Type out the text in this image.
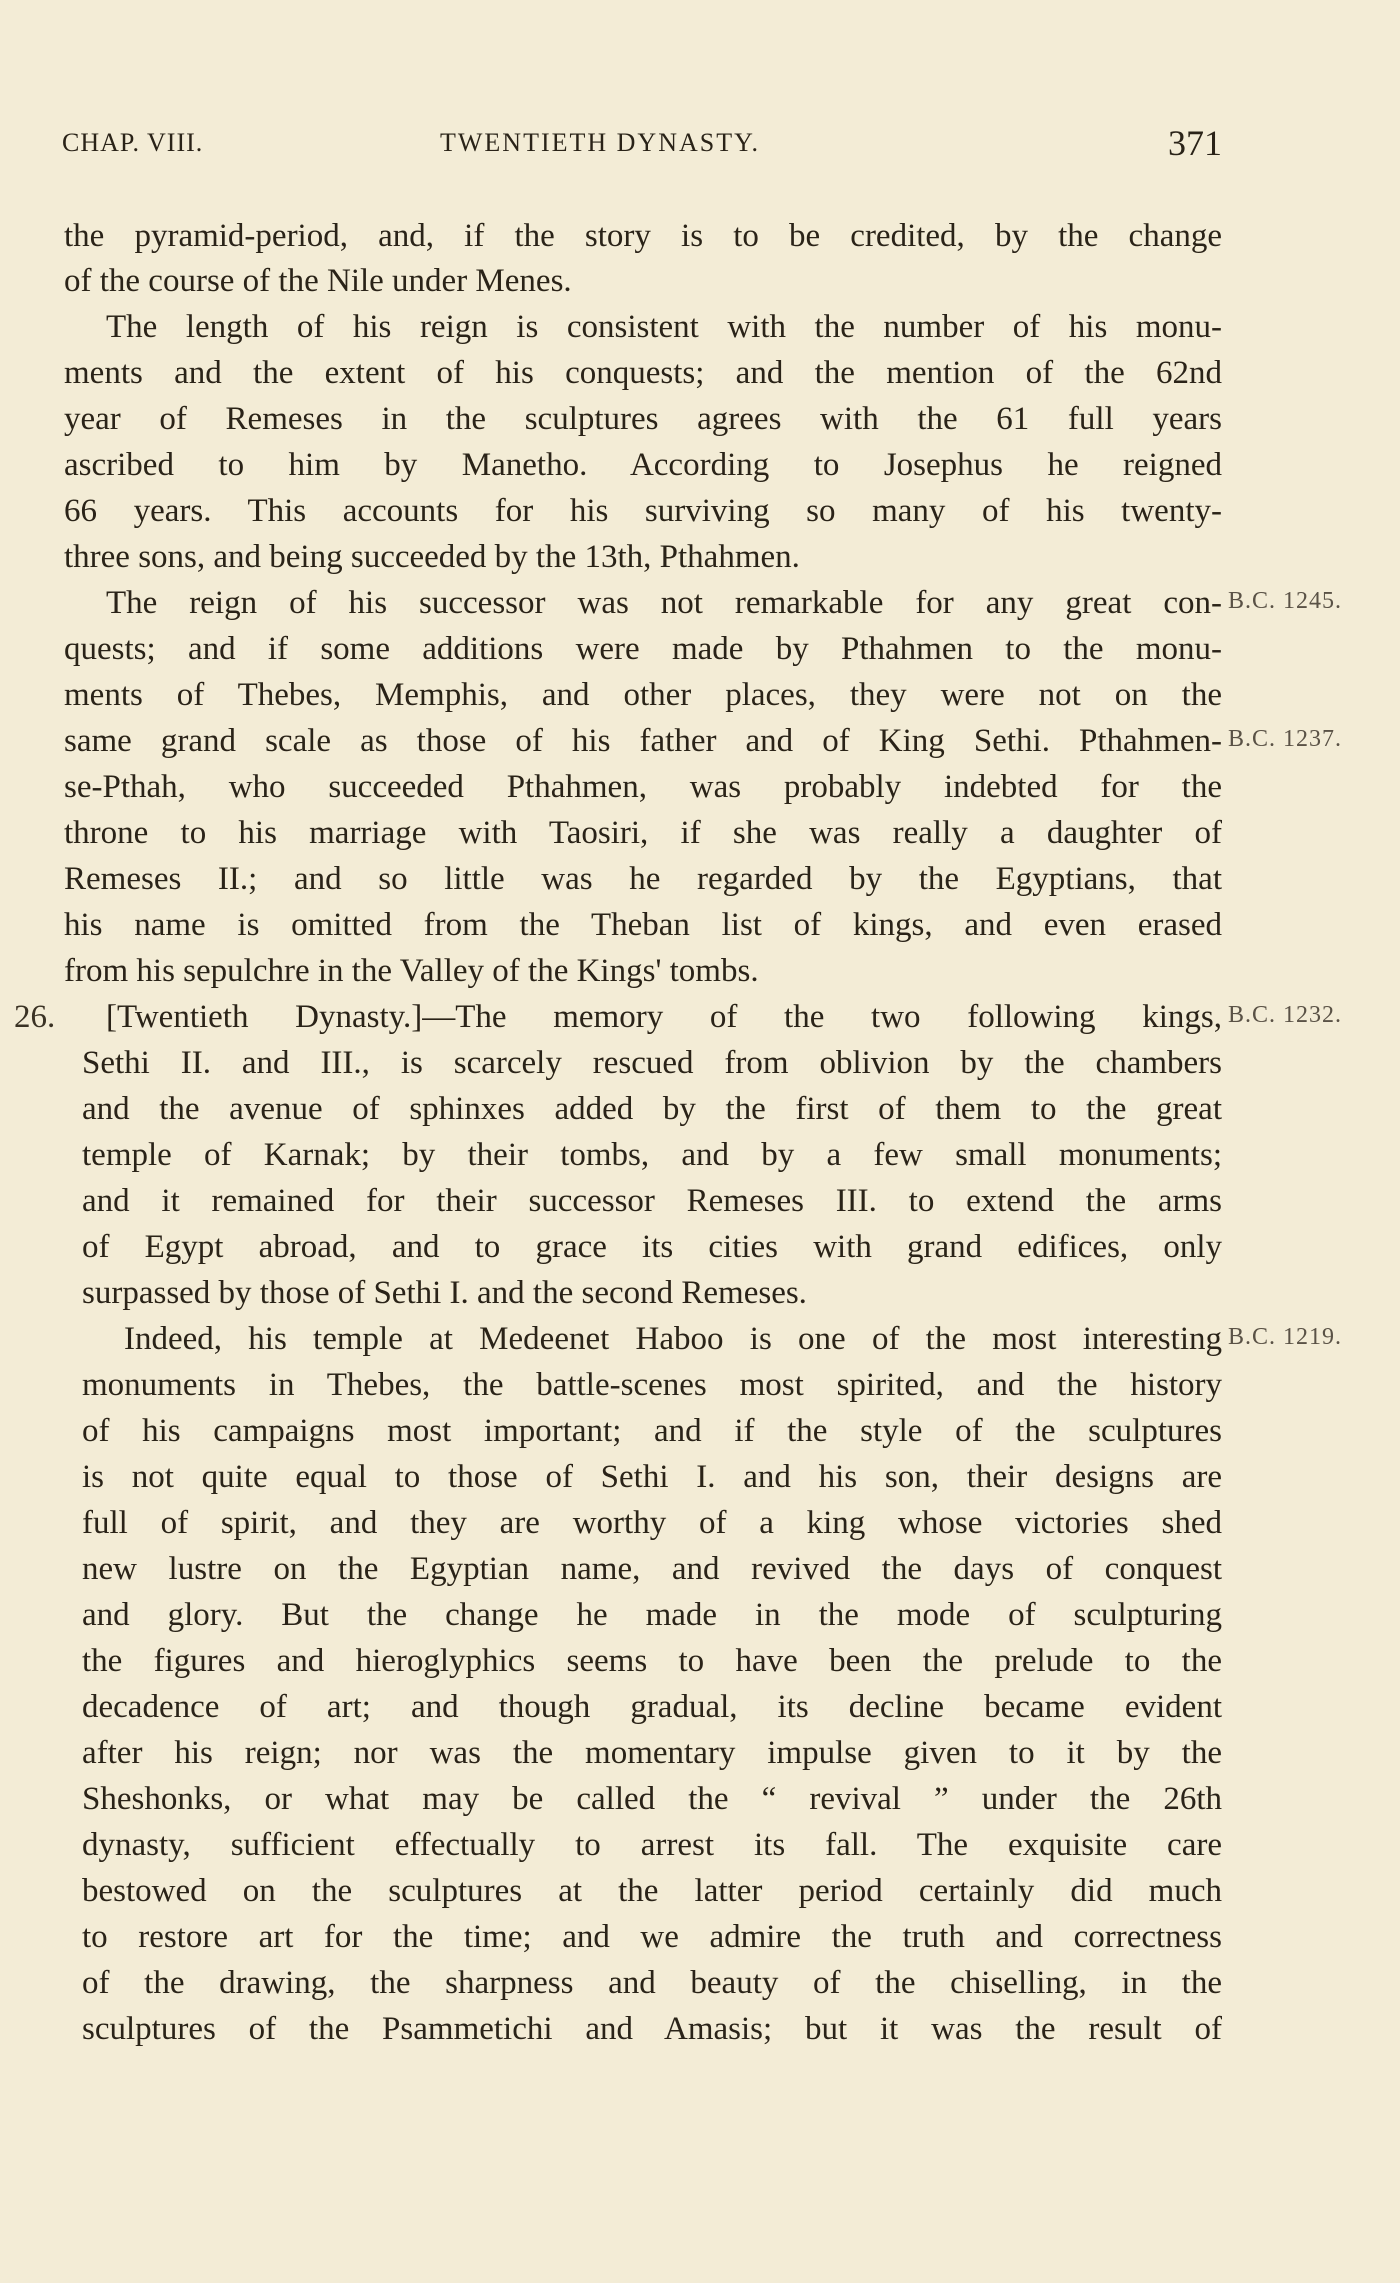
CHAP. VIII.	TWENTIETH DYNASTY.	371
the pyramid-period, and, if the story is to be credited, by the change
of the course of the Nile under Menes.
The length of his reign is consistent with the number of his monu-
ments and the extent of his conquests; and the mention of the 62nd
year of Remeses in the sculptures agrees with the 61 full years
ascribed to him by Manetho. According to Josephus he reigned
66 years. This accounts for his surviving so many of his twenty-
three sons, and being succeeded by the 13th, Pthahmen.
The reign of his successor was not remarkable for any great con-
quests; and if some additions were made by Pthahmen to the monu-
ments of Thebes, Memphis, and other places, they were not on the
same grand scale as those of his father and of King Sethi. Pthahmen-
se-Pthah, who succeeded Pthahmen, was probably indebted for the
throne to his marriage with Taosiri, if she was really a daughter of
Remeses II.; and so little was he regarded by the Egyptians, that
his name is omitted from the Theban list of kings, and even erased
from his sepulchre in the Valley of the Kings' tombs.
[Twentieth Dynasty.]—The memory of the two following kings,
Sethi II. and III., is scarcely rescued from oblivion by the chambers
and the avenue of sphinxes added by the first of them to the great
temple of Karnak; by their tombs, and by a few small monuments;
and it remained for their successor Remeses III. to extend the arms
of Egypt abroad, and to grace its cities with grand edifices, only
surpassed by those of Sethi I. and the second Remeses.
Indeed, his temple at Medeenet Haboo is one of the most interesting
monuments in Thebes, the battle-scenes most spirited, and the history
of his campaigns most important; and if the style of the sculptures
is not quite equal to those of Sethi I. and his son, their designs are
full of spirit, and they are worthy of a king whose victories shed
new lustre on the Egyptian name, and revived the days of conquest
and glory. But the change he made in the mode of sculpturing
the figures and hieroglyphics seems to have been the prelude to the
decadence of art; and though gradual, its decline became evident
after his reign; nor was the momentary impulse given to it by the
Sheshonks, or what may be called the “ revival ” under the 26th
dynasty, sufficient effectually to arrest its fall. The exquisite care
bestowed on the sculptures at the latter period certainly did much
to restore art for the time; and we admire the truth and correctness
of the drawing, the sharpness and beauty of the chiselling, in the
sculptures of the Psammetichi and Amasis; but it was the result of
26.
B.C. 1245.
B.C. 1237.
B.C. 1232.
B.C. 1219.
